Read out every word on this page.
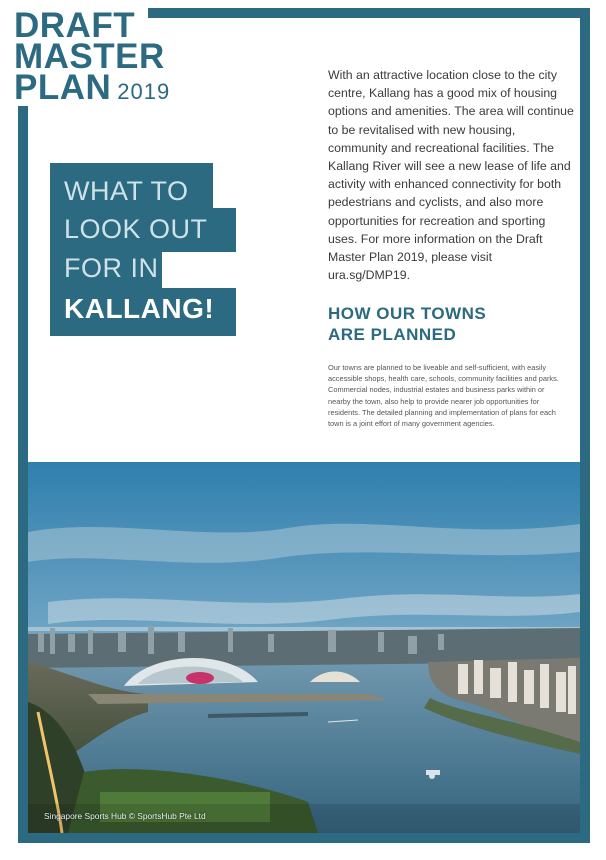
DRAFT
MASTER
PLAN 2019
WHAT TO
LOOK OUT
FOR IN
KALLANG!

With an attractive location close to the city centre, Kallang has a good mix of housing options and amenities. The area will continue to be revitalised with new housing, community and recreational facilities. The Kallang River will see a new lease of life and activity with enhanced connectivity for both pedestrians and cyclists, and also more opportunities for recreation and sporting uses. For more information on the Draft Master Plan 2019, please visit ura.sg/DMP19.

HOW OUR TOWNS
ARE PLANNED

Our towns are planned to be liveable and self-sufficient, with easily accessible shops, health care, schools, community facilities and parks. Commercial nodes, industrial estates and business parks within or nearby the town, also help to provide nearer job opportunities for residents. The detailed planning and implementation of plans for each town is a joint effort of many government agencies.

Singapore Sports Hub © SportsHub Pte Ltd
